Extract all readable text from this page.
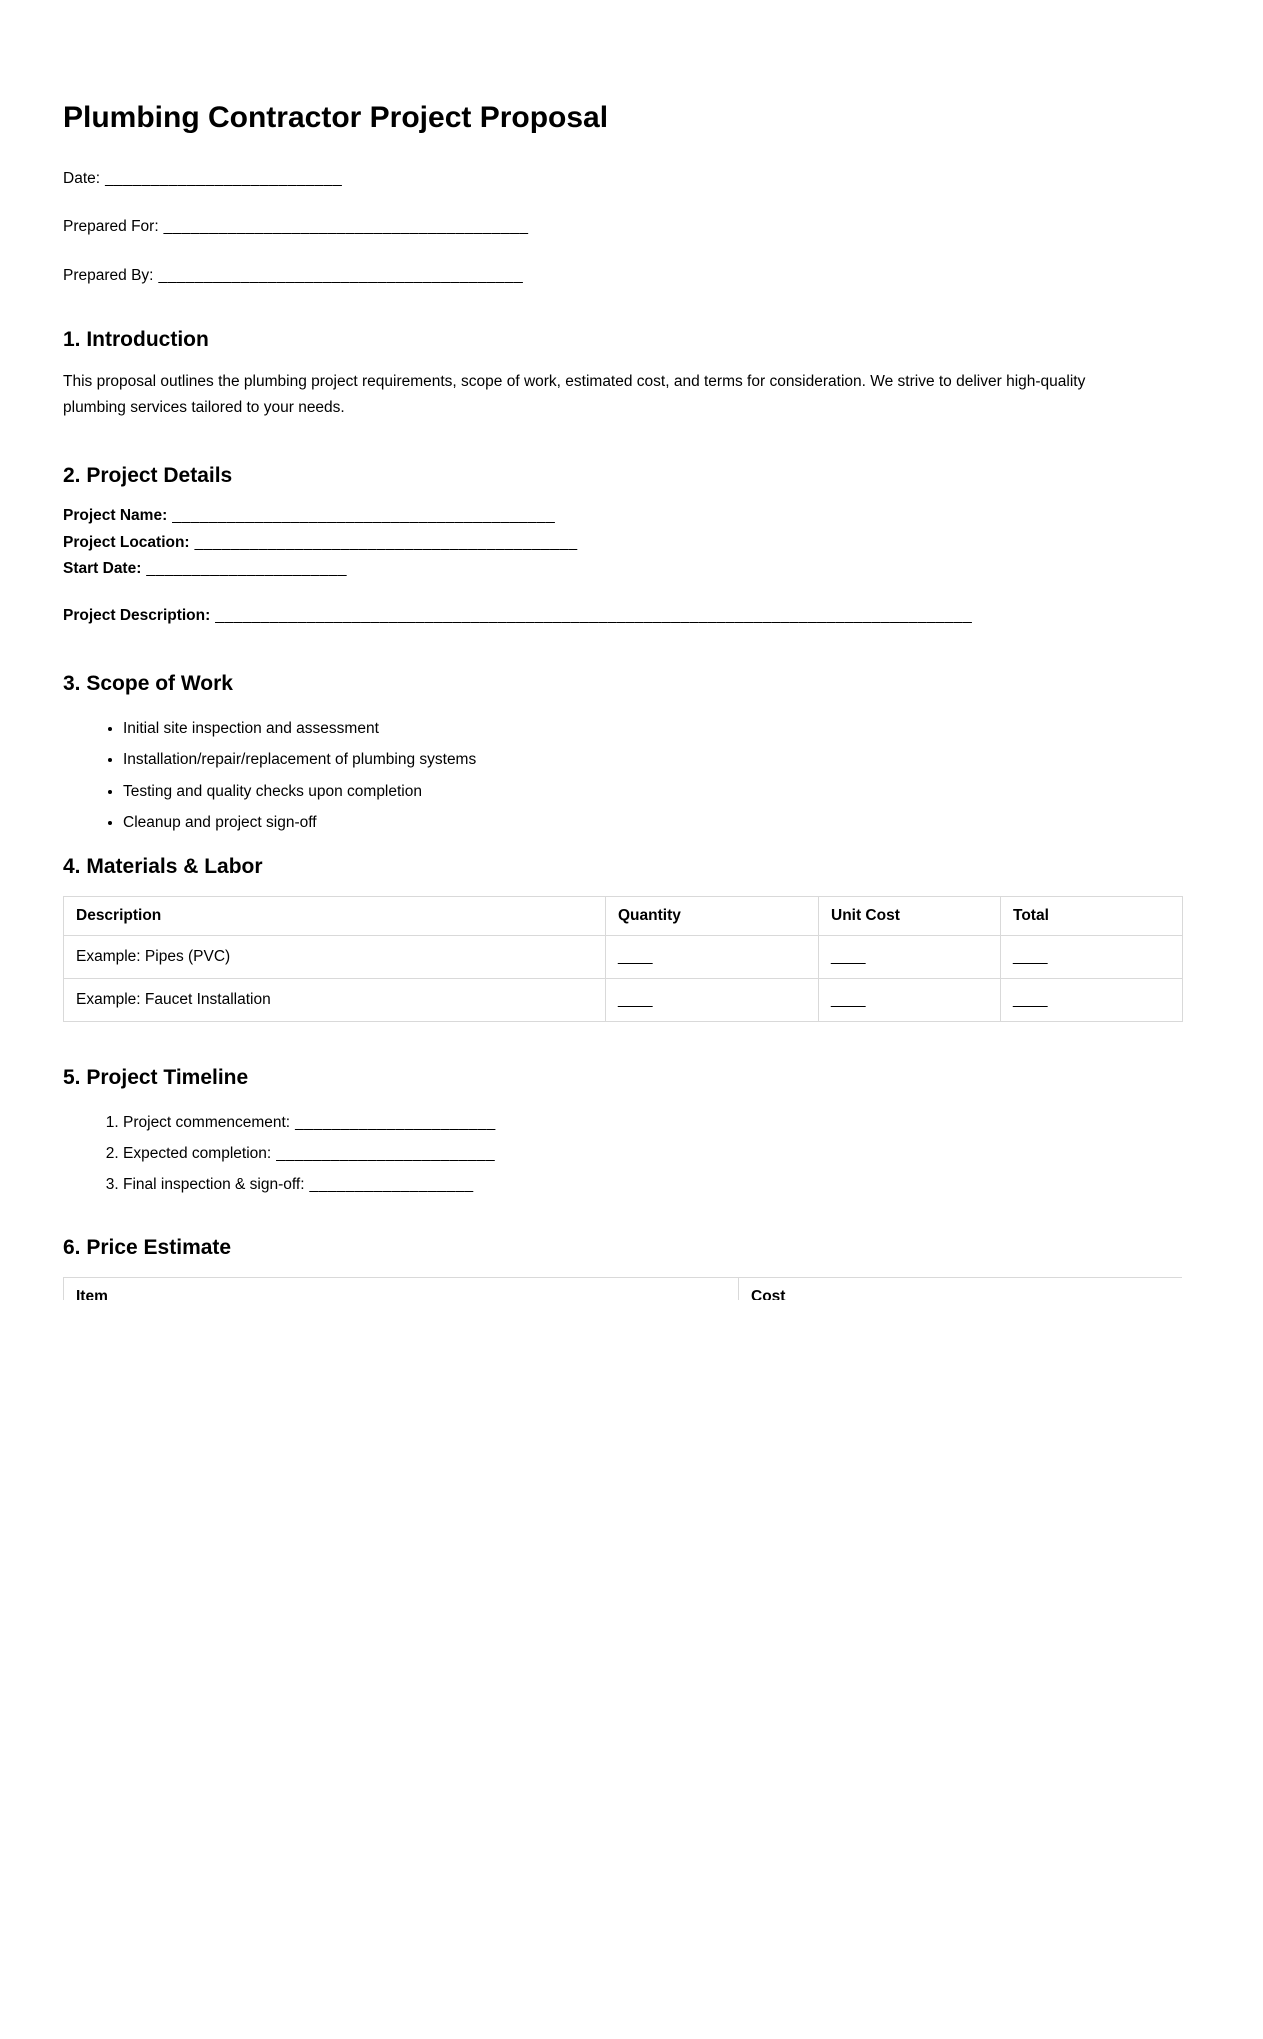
Plumbing Contractor Project Proposal

Date: __________________________

Prepared For: ________________________________________

Prepared By: ________________________________________

1. Introduction

This proposal outlines the plumbing project requirements, scope of work, estimated cost, and terms for consideration. We strive to deliver high-quality plumbing services tailored to your needs.

2. Project Details
Project Name: __________________________________________
Project Location: __________________________________________
Start Date: ______________________

Project Description: ___________________________________________________________________________________

3. Scope of Work
• Initial site inspection and assessment
• Installation/repair/replacement of plumbing systems
• Testing and quality checks upon completion
• Cleanup and project sign-off
4. Materials & Labor
Description	Quantity	Unit Cost	Total
Example: Pipes (PVC)	____	____	____
Example: Faucet Installation	____	____	____
5. Project Timeline
1. Project commencement: ______________________
2. Expected completion: ________________________
3. Final inspection & sign-off: __________________
6. Price Estimate
Item	Cost
